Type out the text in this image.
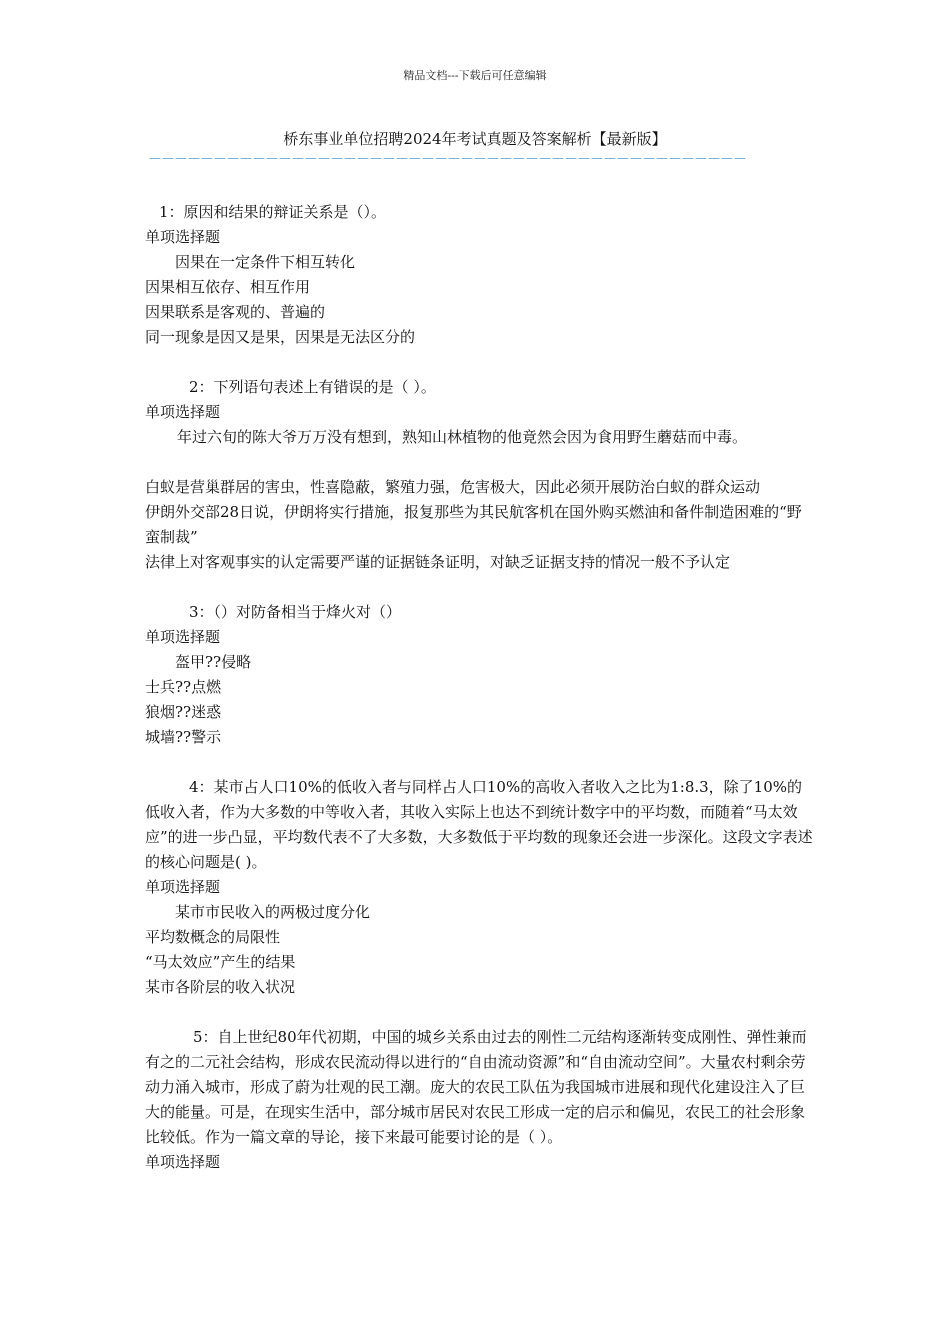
精品文档---下载后可任意编辑
桥东事业单位招聘2024年考试真题及答案解析【最新版】
——————————————————————————————————————————————

1：原因和结果的辩证关系是（）。

单项选择题

因果在一定条件下相互转化

因果相互依存、相互作用

因果联系是客观的、普遍的

同一现象是因又是果，因果是无法区分的

2：下列语句表述上有错误的是（ ）。

单项选择题

年过六旬的陈大爷万万没有想到，熟知山林植物的他竟然会因为食用野生蘑菇而中毒。

白蚁是营巢群居的害虫，性喜隐蔽，繁殖力强，危害极大，因此必须开展防治白蚁的群众运动

伊朗外交部28日说，伊朗将实行措施，报复那些为其民航客机在国外购买燃油和备件制造困难的“野蛮制裁”

法律上对客观事实的认定需要严谨的证据链条证明，对缺乏证据支持的情况一般不予认定

3：（）对防备相当于烽火对（）

单项选择题

盔甲??侵略

士兵??点燃

狼烟??迷惑

城墙??警示

4：某市占人口10%的低收入者与同样占人口10%的高收入者收入之比为1:8.3，除了10%的低收入者，作为大多数的中等收入者，其收入实际上也达不到统计数字中的平均数，而随着“马太效应”的进一步凸显，平均数代表不了大多数，大多数低于平均数的现象还会进一步深化。这段文字表述的核心问题是( )。

单项选择题

某市市民收入的两极过度分化

平均数概念的局限性

“马太效应”产生的结果

某市各阶层的收入状况

5：自上世纪80年代初期，中国的城乡关系由过去的刚性二元结构逐渐转变成刚性、弹性兼而有之的二元社会结构，形成农民流动得以进行的“自由流动资源”和“自由流动空间”。大量农村剩余劳动力涌入城市，形成了蔚为壮观的民工潮。庞大的农民工队伍为我国城市进展和现代化建设注入了巨大的能量。可是，在现实生活中，部分城市居民对农民工形成一定的启示和偏见，农民工的社会形象比较低。作为一篇文章的导论，接下来最可能要讨论的是（ ）。

单项选择题
